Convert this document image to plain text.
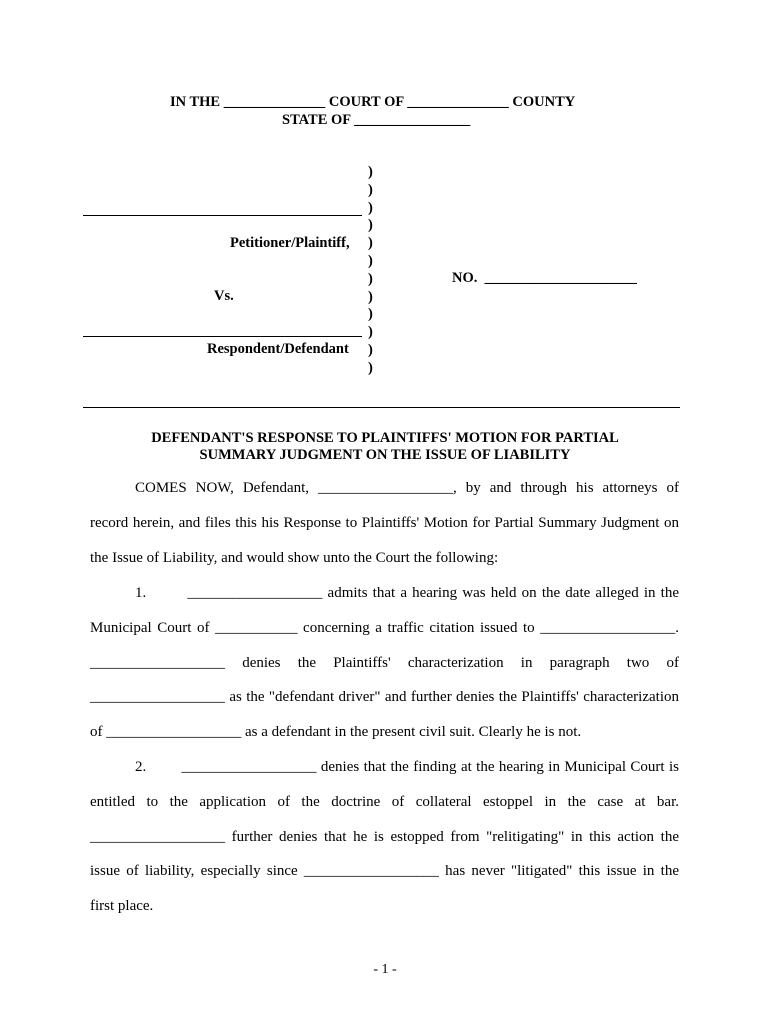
IN THE ______________ COURT OF ______________ COUNTY
STATE OF ________________
)
)
)
)
)
)
)
)
)
)
)
)
Petitioner/Plaintiff,
Vs.
Respondent/Defendant
NO.  _____________________
DEFENDANT'S RESPONSE TO PLAINTIFFS' MOTION FOR PARTIAL
SUMMARY JUDGMENT ON THE ISSUE OF LIABILITY
COMES NOW, Defendant, __________________, by and through his attorneys of
record herein, and files this his Response to Plaintiffs' Motion for Partial Summary Judgment on
the Issue of Liability, and would show unto the Court the following:
1.        __________________ admits that a hearing was held on the date alleged in the
Municipal Court of ___________ concerning a traffic citation issued to __________________.
__________________ denies the Plaintiffs' characterization in paragraph two of
__________________ as the "defendant driver" and further denies the Plaintiffs' characterization
of __________________ as a defendant in the present civil suit. Clearly he is not.
2.        __________________ denies that the finding at the hearing in Municipal Court is
entitled to the application of the doctrine of collateral estoppel in the case at bar.
__________________ further denies that he is estopped from "relitigating" in this action the
issue of liability, especially since __________________ has never "litigated" this issue in the
first place.
- 1 -
